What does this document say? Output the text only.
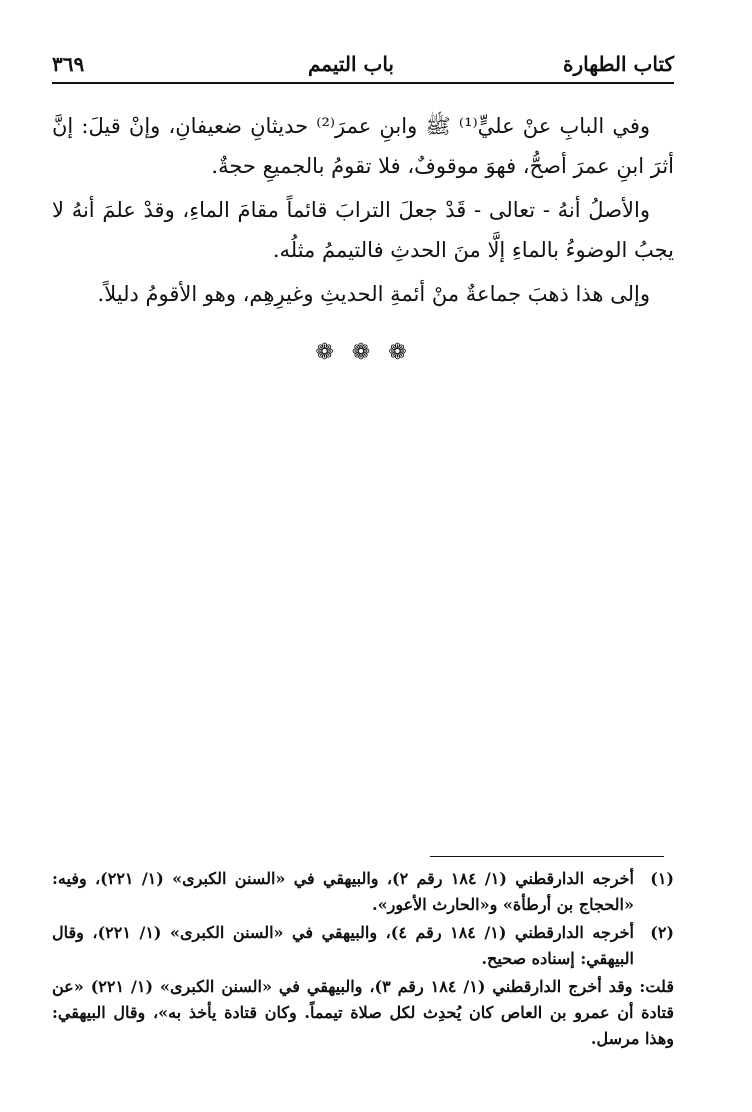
كتاب الطهارة
باب التيمم
٣٦٩

وفي البابِ عنْ عليٍّ⁽¹⁾ ﷺ وابنِ عمرَ⁽²⁾ حديثانِ ضعيفانِ، وإنْ قيلَ: إنَّ أثرَ ابنِ عمرَ أصحُّ، فهوَ موقوفٌ، فلا تقومُ بالجميعِ حجةٌ.

والأصلُ أنهُ - تعالى - قَدْ جعلَ الترابَ قائماً مقامَ الماءِ، وقدْ علمَ أنهُ لا يجبُ الوضوءُ بالماءِ إلَّا منَ الحدثِ فالتيممُ مثلُه.

وإلى هذا ذهبَ جماعةٌ منْ أئمةِ الحديثِ وغيرِهِم، وهو الأقومُ دليلاً.

❁❁❁
(١)
أخرجه الدارقطني (١/ ١٨٤ رقم ٢)، والبيهقي في «السنن الكبرى» (١/ ٢٢١)، وفيه: «الحجاج بن أرطأة» و«الحارث الأعور».
(٢)
أخرجه الدارقطني (١/ ١٨٤ رقم ٤)، والبيهقي في «السنن الكبرى» (١/ ٢٢١)، وقال البيهقي: إسناده صحيح.

قلت: وقد أخرج الدارقطني (١/ ١٨٤ رقم ٣)، والبيهقي في «السنن الكبرى» (١/ ٢٢١) «عن قتادة أن عمرو بن العاص كان يُحدِث لكل صلاة تيمماً. وكان قتادة يأخذ به»، وقال البيهقي: وهذا مرسل.
